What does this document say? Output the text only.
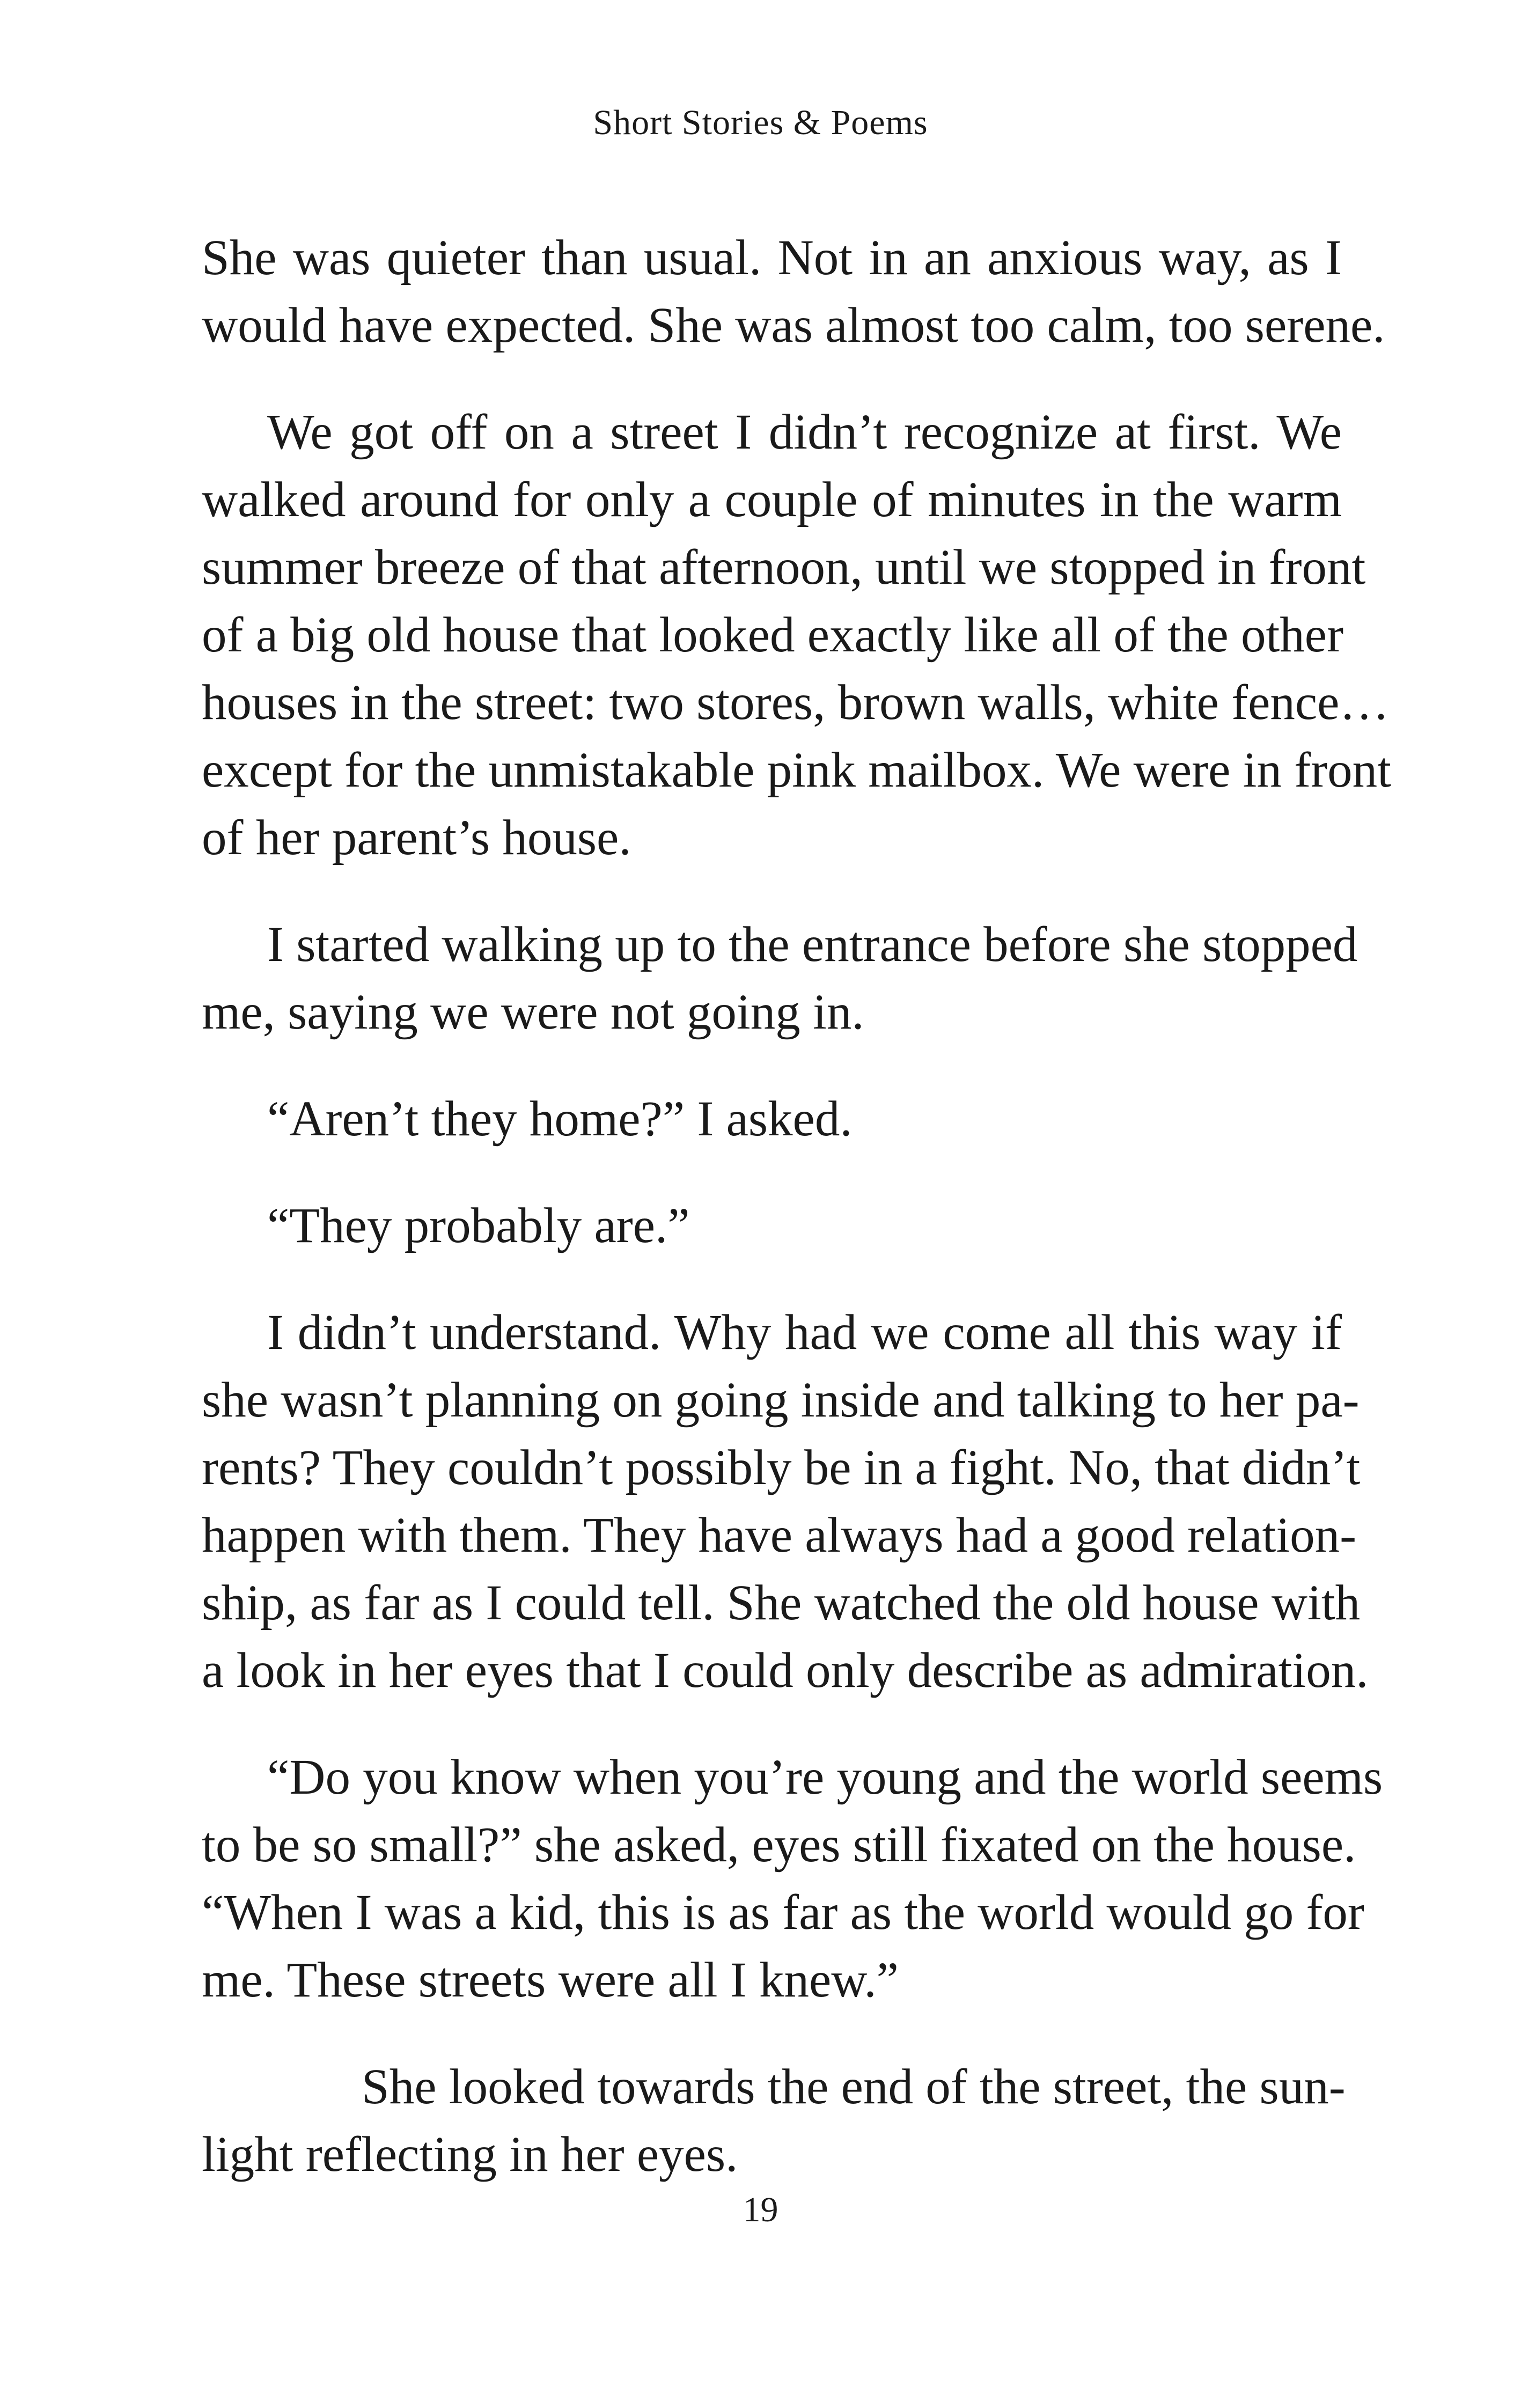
Short Stories & Poems
She was quieter than usual. Not in an anxious way, as I
would have expected. She was almost too calm, too serene.
We got off on a street I didn’t recognize at first. We
walked around for only a couple of minutes in the warm
summer breeze of that afternoon, until we stopped in front
of a big old house that looked exactly like all of the other
houses in the street: two stores, brown walls, white fence…
except for the unmistakable pink mailbox. We were in front
of her parent’s house.
I started walking up to the entrance before she stopped
me, saying we were not going in.
“Aren’t they home?” I asked.
“They probably are.”
I didn’t understand. Why had we come all this way if
she wasn’t planning on going inside and talking to her pa-
rents? They couldn’t possibly be in a fight. No, that didn’t
happen with them. They have always had a good relation-
ship, as far as I could tell. She watched the old house with
a look in her eyes that I could only describe as admiration.
“Do you know when you’re young and the world seems
to be so small?” she asked, eyes still fixated on the house.
“When I was a kid, this is as far as the world would go for
me. These streets were all I knew.”
She looked towards the end of the street, the sun-
light reflecting in her eyes.
19
